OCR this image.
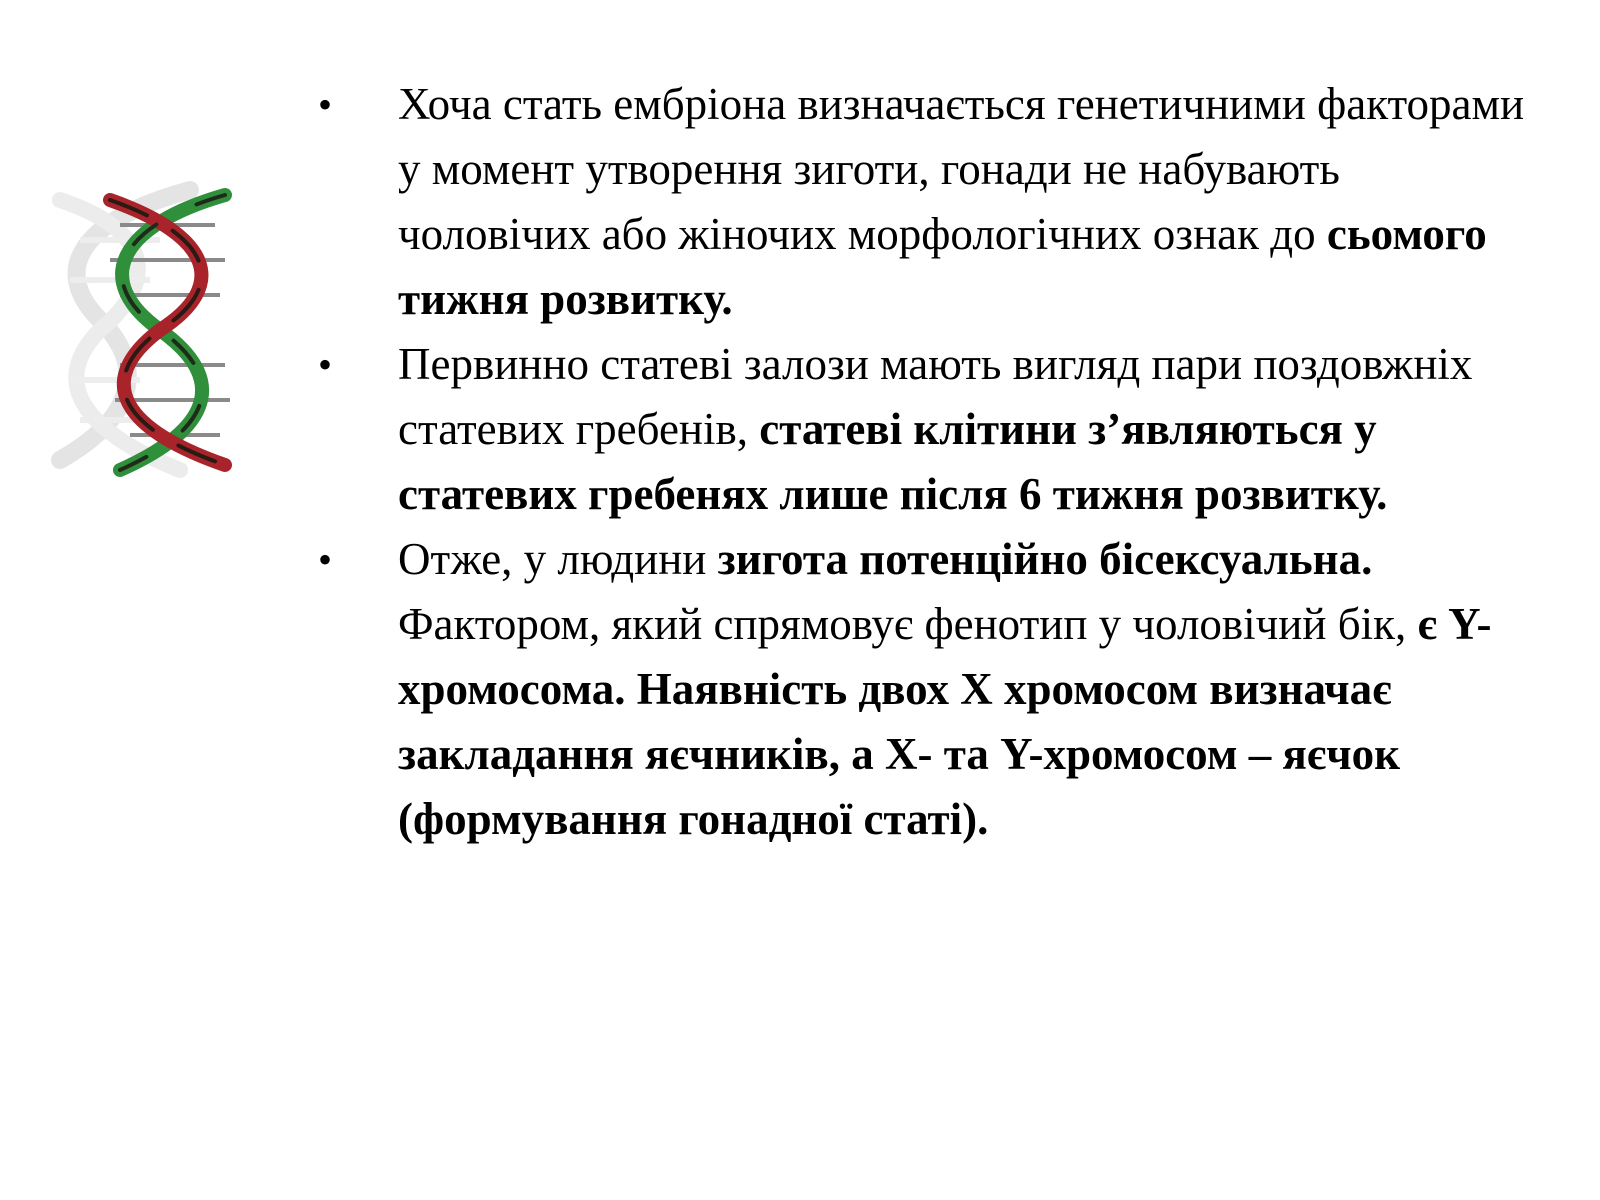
• Хоча стать ембріона визначається генетичними факторами у момент утворення зиготи, гонади не набувають чоловічих або жіночих морфологічних ознак до сьомого тижня розвитку.
• Первинно статеві залози мають вигляд пари поздовжніх статевих гребенів, статеві клітини з’являються у статевих гребенях лише після 6 тижня розвитку.
• Отже, у людини зигота потенційно бісексуальна. Фактором, який спрямовує фенотип у чоловічий бік, є Y-хромосома. Наявність двох Х хромосом визначає закладання яєчників, а Х- та Y-хромосом – яєчок (формування гонадної статі).
